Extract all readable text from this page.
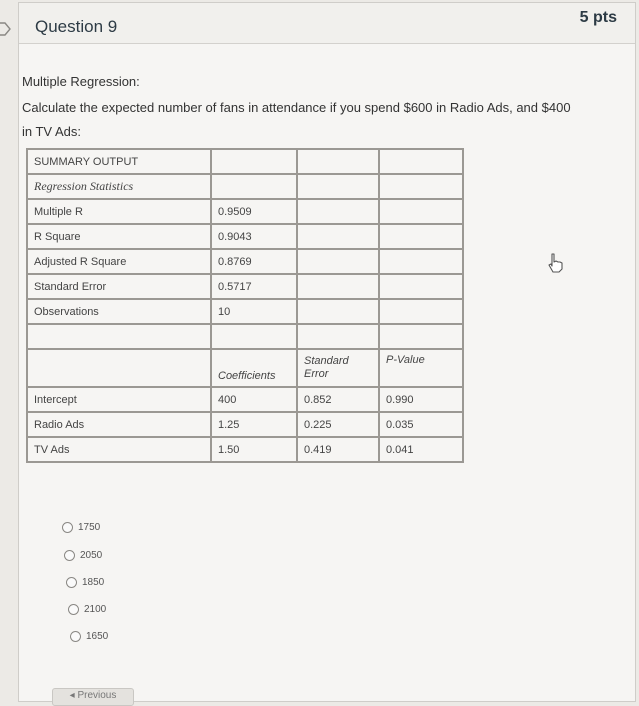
Question 9	5 pts
Multiple Regression:
Calculate the expected number of fans in attendance if you spend $600 in Radio Ads, and $400 in TV Ads:
SUMMARY OUTPUT			
Regression Statistics			
Multiple R	0.9509		
R Square	0.9043		
Adjusted R Square	0.8769		
Standard Error	0.5717		
Observations	10		

	Coefficients	Standard Error	P-Value
Intercept	400	0.852	0.990
Radio Ads	1.25	0.225	0.035
TV Ads	1.50	0.419	0.041
1750
2050
1850
2100
1650
◂ Previous
